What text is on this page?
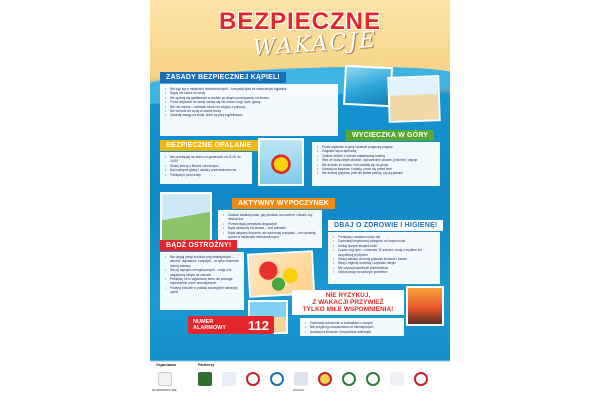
BEZPIECZNE
WAKACJE
ZASADY BEZPIECZNEJ KĄPIELI
• Nie kąp się w miejscach niedozwolonych – korzystaj tylko ze strzeżonych kąpielisk
• Nigdy nie skacz do wody
• Nie opieraj się gwałtownie w wodzie po długim przebywaniu na słońcu
• Przed wejściem do wody ochłap się lub zmocz nogi, ręce, głowę
• Nie rób żartów – ratownik może nie zdążyć z pomocą
• Nie wchodź do wody w czasie burzy
• Zwracaj uwagę na znaki, które są przy kąpieliskach
BEZPIECZNE OPALANIE
• Nie przebywaj na słońcu w godzinach od 11:00 do 15:00
• Stosuj kremy z filtrami ochronnymi
• Noś nakrycie głowy i okulary przeciwsłoneczne
• Pamiętaj o piciu wody
WYCIECZKA W GÓRY
• Przed wyjściem w góry sprawdź prognozę pogody
• Zaopatrz się w apteczkę
• Zabierz telefon z dobrze naładowaną baterią
• Weź ze sobą ciepłe ubranie, odpowiednie obuwie, jedzenie i napoje
• Nie schodź ze szlaku i nie oddalaj się od grupy
• Uważaj na kleszcze i owady, chroń się przed nimi
• Nie zbieraj grzybów, jeśli nie jesteś pewny, czy są jadalne
AKTYWNY WYPOCZYNEK
• Zawsze zakładaj kask, gdy jeździsz na rowerze, rolkach czy deskorolce
• Przestrzegaj przepisów drogowych
• Bądź widoczny na drodze – noś odblaski
• Bądź aktywny fizycznie, ale zachowaj rozsądek – nie uprawiaj sportu w miejscach niedozwolonych
DBAJ O ZDROWIE I HIGIENĘ!
• Pamiętaj o częstym myciu rąk
• Zachowaj bezpieczną odległość od innych osób
• Unikaj dużych skupisk ludzi
• Często myj ręce – minimum 30 sekund, wodą z mydłem lub dezynfekuj je płynem
• Stosuj zasady ochrony podczas kichania i kaszlu
• Dbaj o higienę osobistą i czystość miejsc
• Nie używaj wspólnych przedmiotów
• Odpoczywaj na świeżym powietrzu
BĄDŹ OSTROŻNY!
• Nie ulegaj presji środków psychoaktywnych – alkohol, dopalacze, narkotyki – to tylko złudzenie dobrej zabawy
• Nie pij napojów energetycznych – mają one negatywny wpływ na zdrowie
• Pamiętaj, że w wyjazdowy stres nie pomaga zaproszenie przez nieznajomych
• Podaruj zdrowie w postaci szczególne należytej opieki
NUMER
ALARMOWY 112
NIE RYZYKUJ,
Z WAKACJI PRZYWIEŹ
TYLKO MIŁE WSPOMNIENIA!
• Zachowaj ostrożność w kontaktach z obcymi
• Nie przyjmuj poczęstunków od nieznajomych
• Uważaj na kleszcze i bezpańskie zwierzęta
Organizator	Partnerzy
WOJEWÓDZKA SPE	POLICJA
